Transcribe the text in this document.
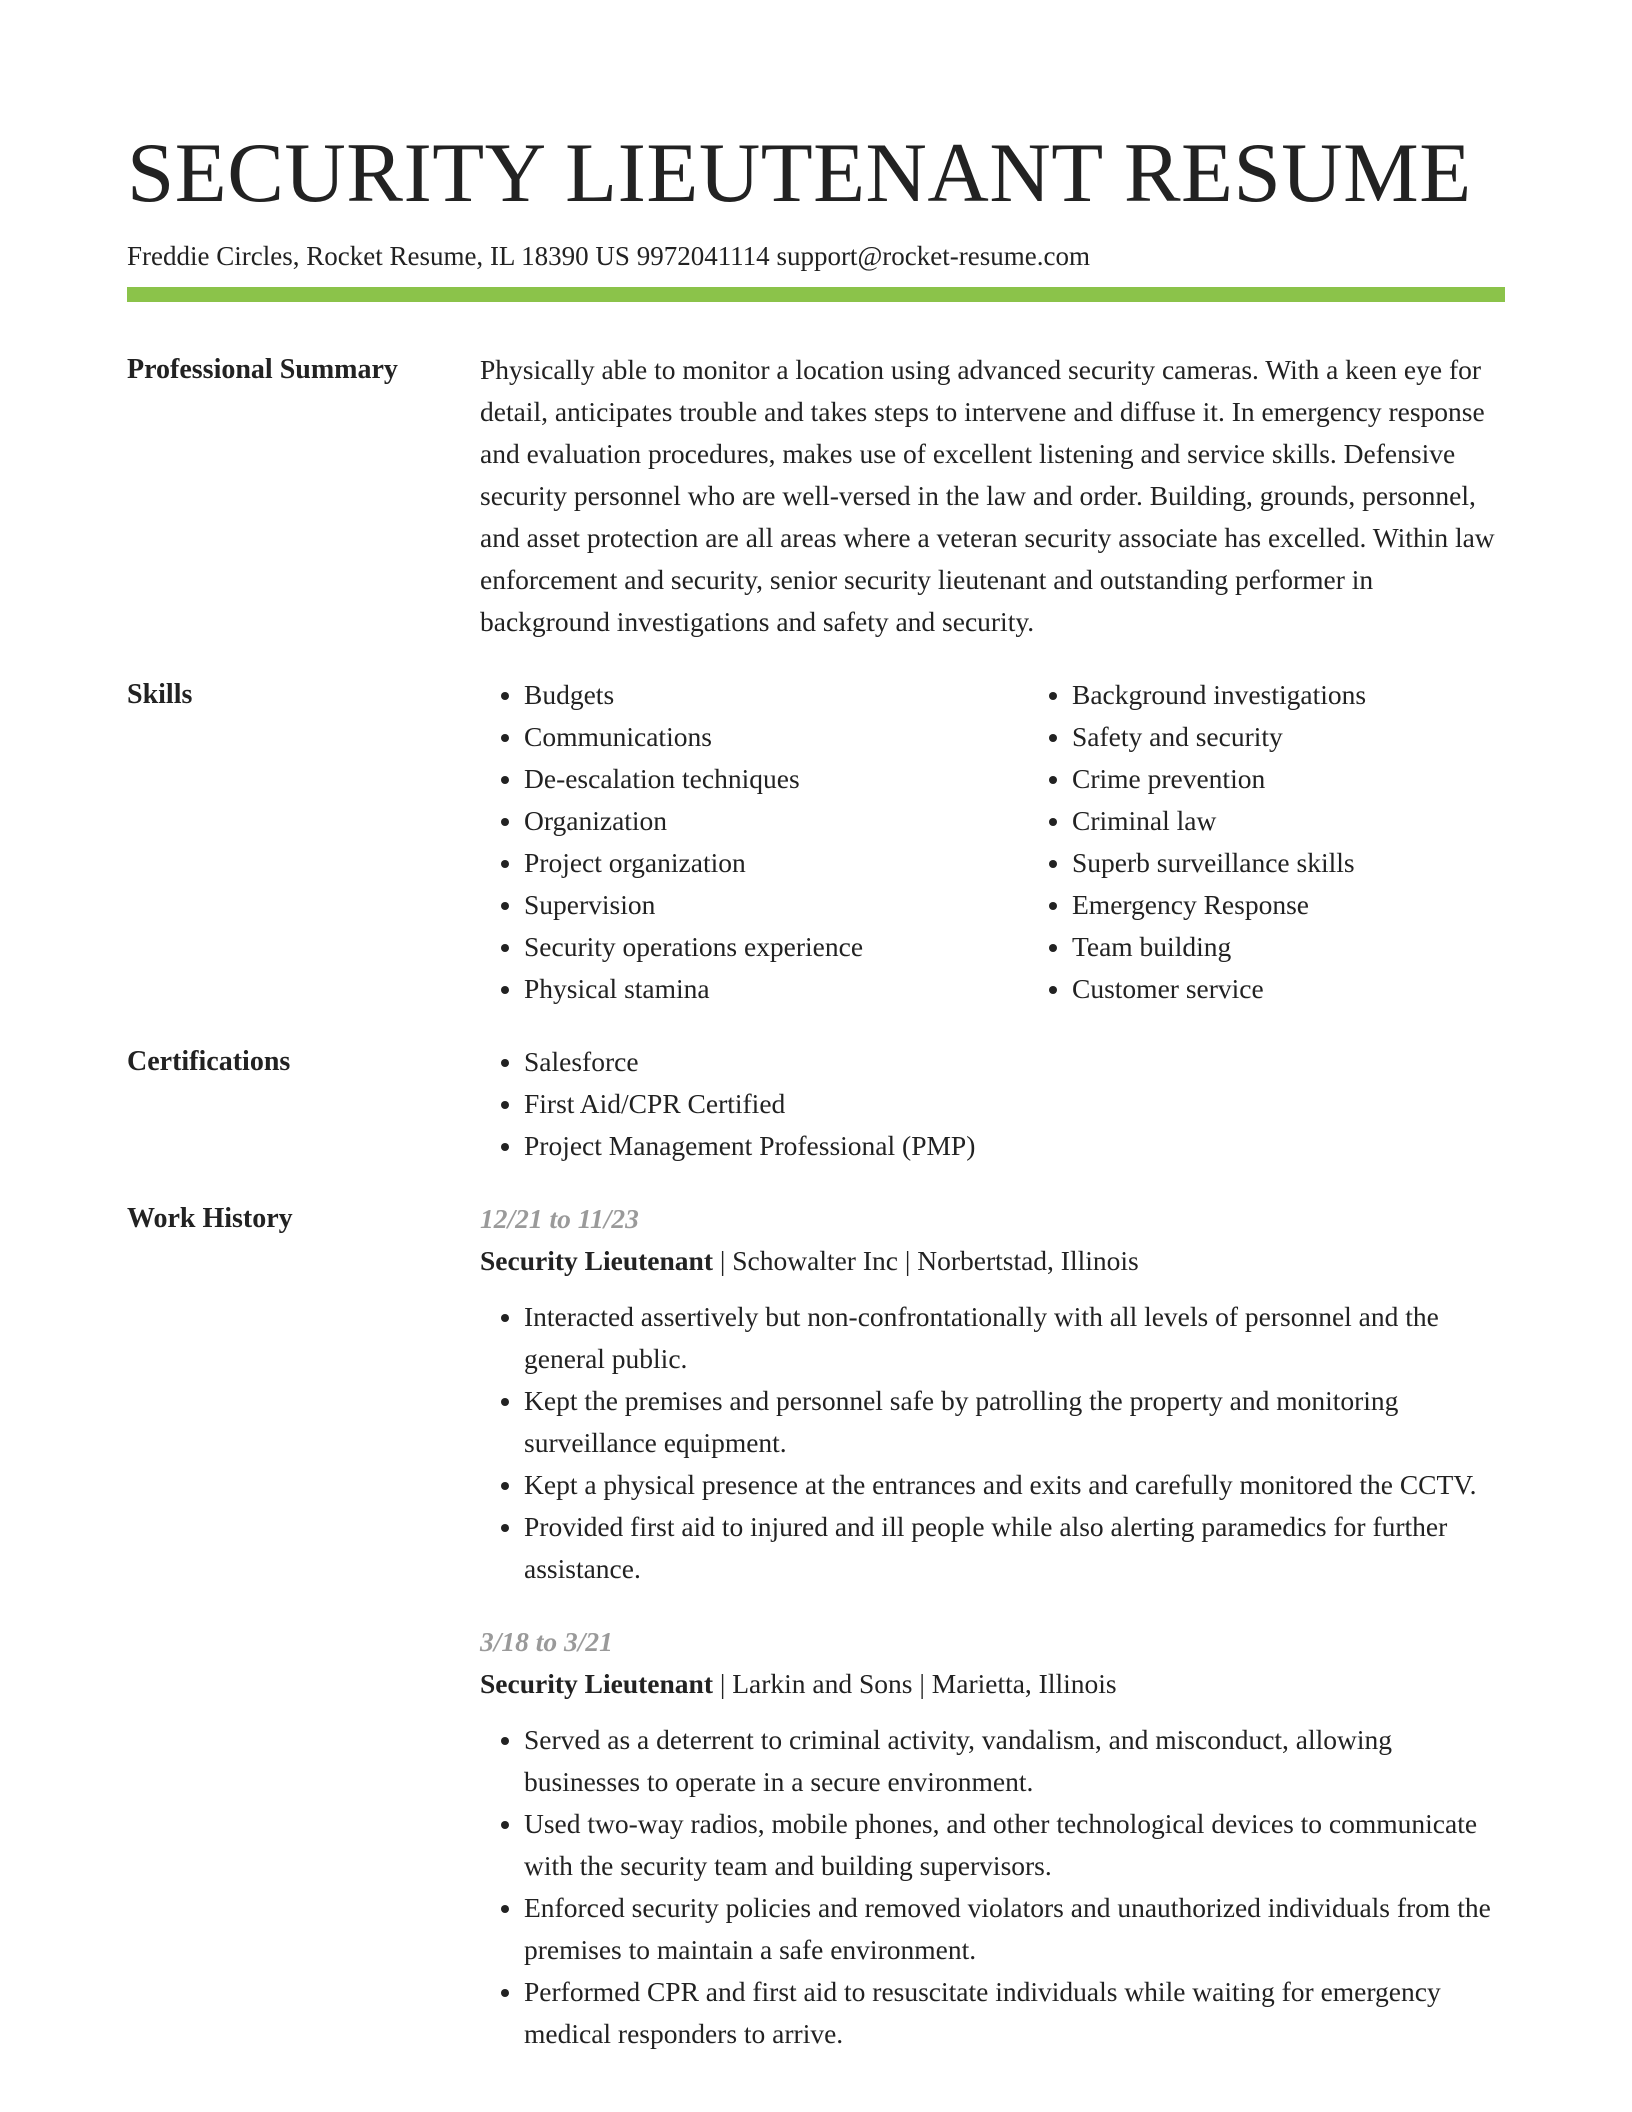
SECURITY LIEUTENANT RESUME
Freddie Circles, Rocket Resume, IL 18390 US 9972041114 support@rocket-resume.com
Professional Summary	Physically able to monitor a location using advanced security cameras. With a keen eye for detail, anticipates trouble and takes steps to intervene and diffuse it. In emergency response and evaluation procedures, makes use of excellent listening and service skills. Defensive security personnel who are well-versed in the law and order. Building, grounds, personnel, and asset protection are all areas where a veteran security associate has excelled. Within law enforcement and security, senior security lieutenant and outstanding performer in background investigations and safety and security.
Skills	• Budgets
• Communications
• De-escalation techniques
• Organization
• Project organization
• Supervision
• Security operations experience
• Physical stamina
• Background investigations
• Safety and security
• Crime prevention
• Criminal law
• Superb surveillance skills
• Emergency Response
• Team building
• Customer service
Certifications	• Salesforce
• First Aid/CPR Certified
• Project Management Professional (PMP)
Work History	12/21 to 11/23
Security Lieutenant | Schowalter Inc | Norbertstad, Illinois
• Interacted assertively but non-confrontationally with all levels of personnel and the general public.
• Kept the premises and personnel safe by patrolling the property and monitoring surveillance equipment.
• Kept a physical presence at the entrances and exits and carefully monitored the CCTV.
• Provided first aid to injured and ill people while also alerting paramedics for further assistance.
3/18 to 3/21
Security Lieutenant | Larkin and Sons | Marietta, Illinois
• Served as a deterrent to criminal activity, vandalism, and misconduct, allowing businesses to operate in a secure environment.
• Used two-way radios, mobile phones, and other technological devices to communicate with the security team and building supervisors.
• Enforced security policies and removed violators and unauthorized individuals from the premises to maintain a safe environment.
• Performed CPR and first aid to resuscitate individuals while waiting for emergency medical responders to arrive.
